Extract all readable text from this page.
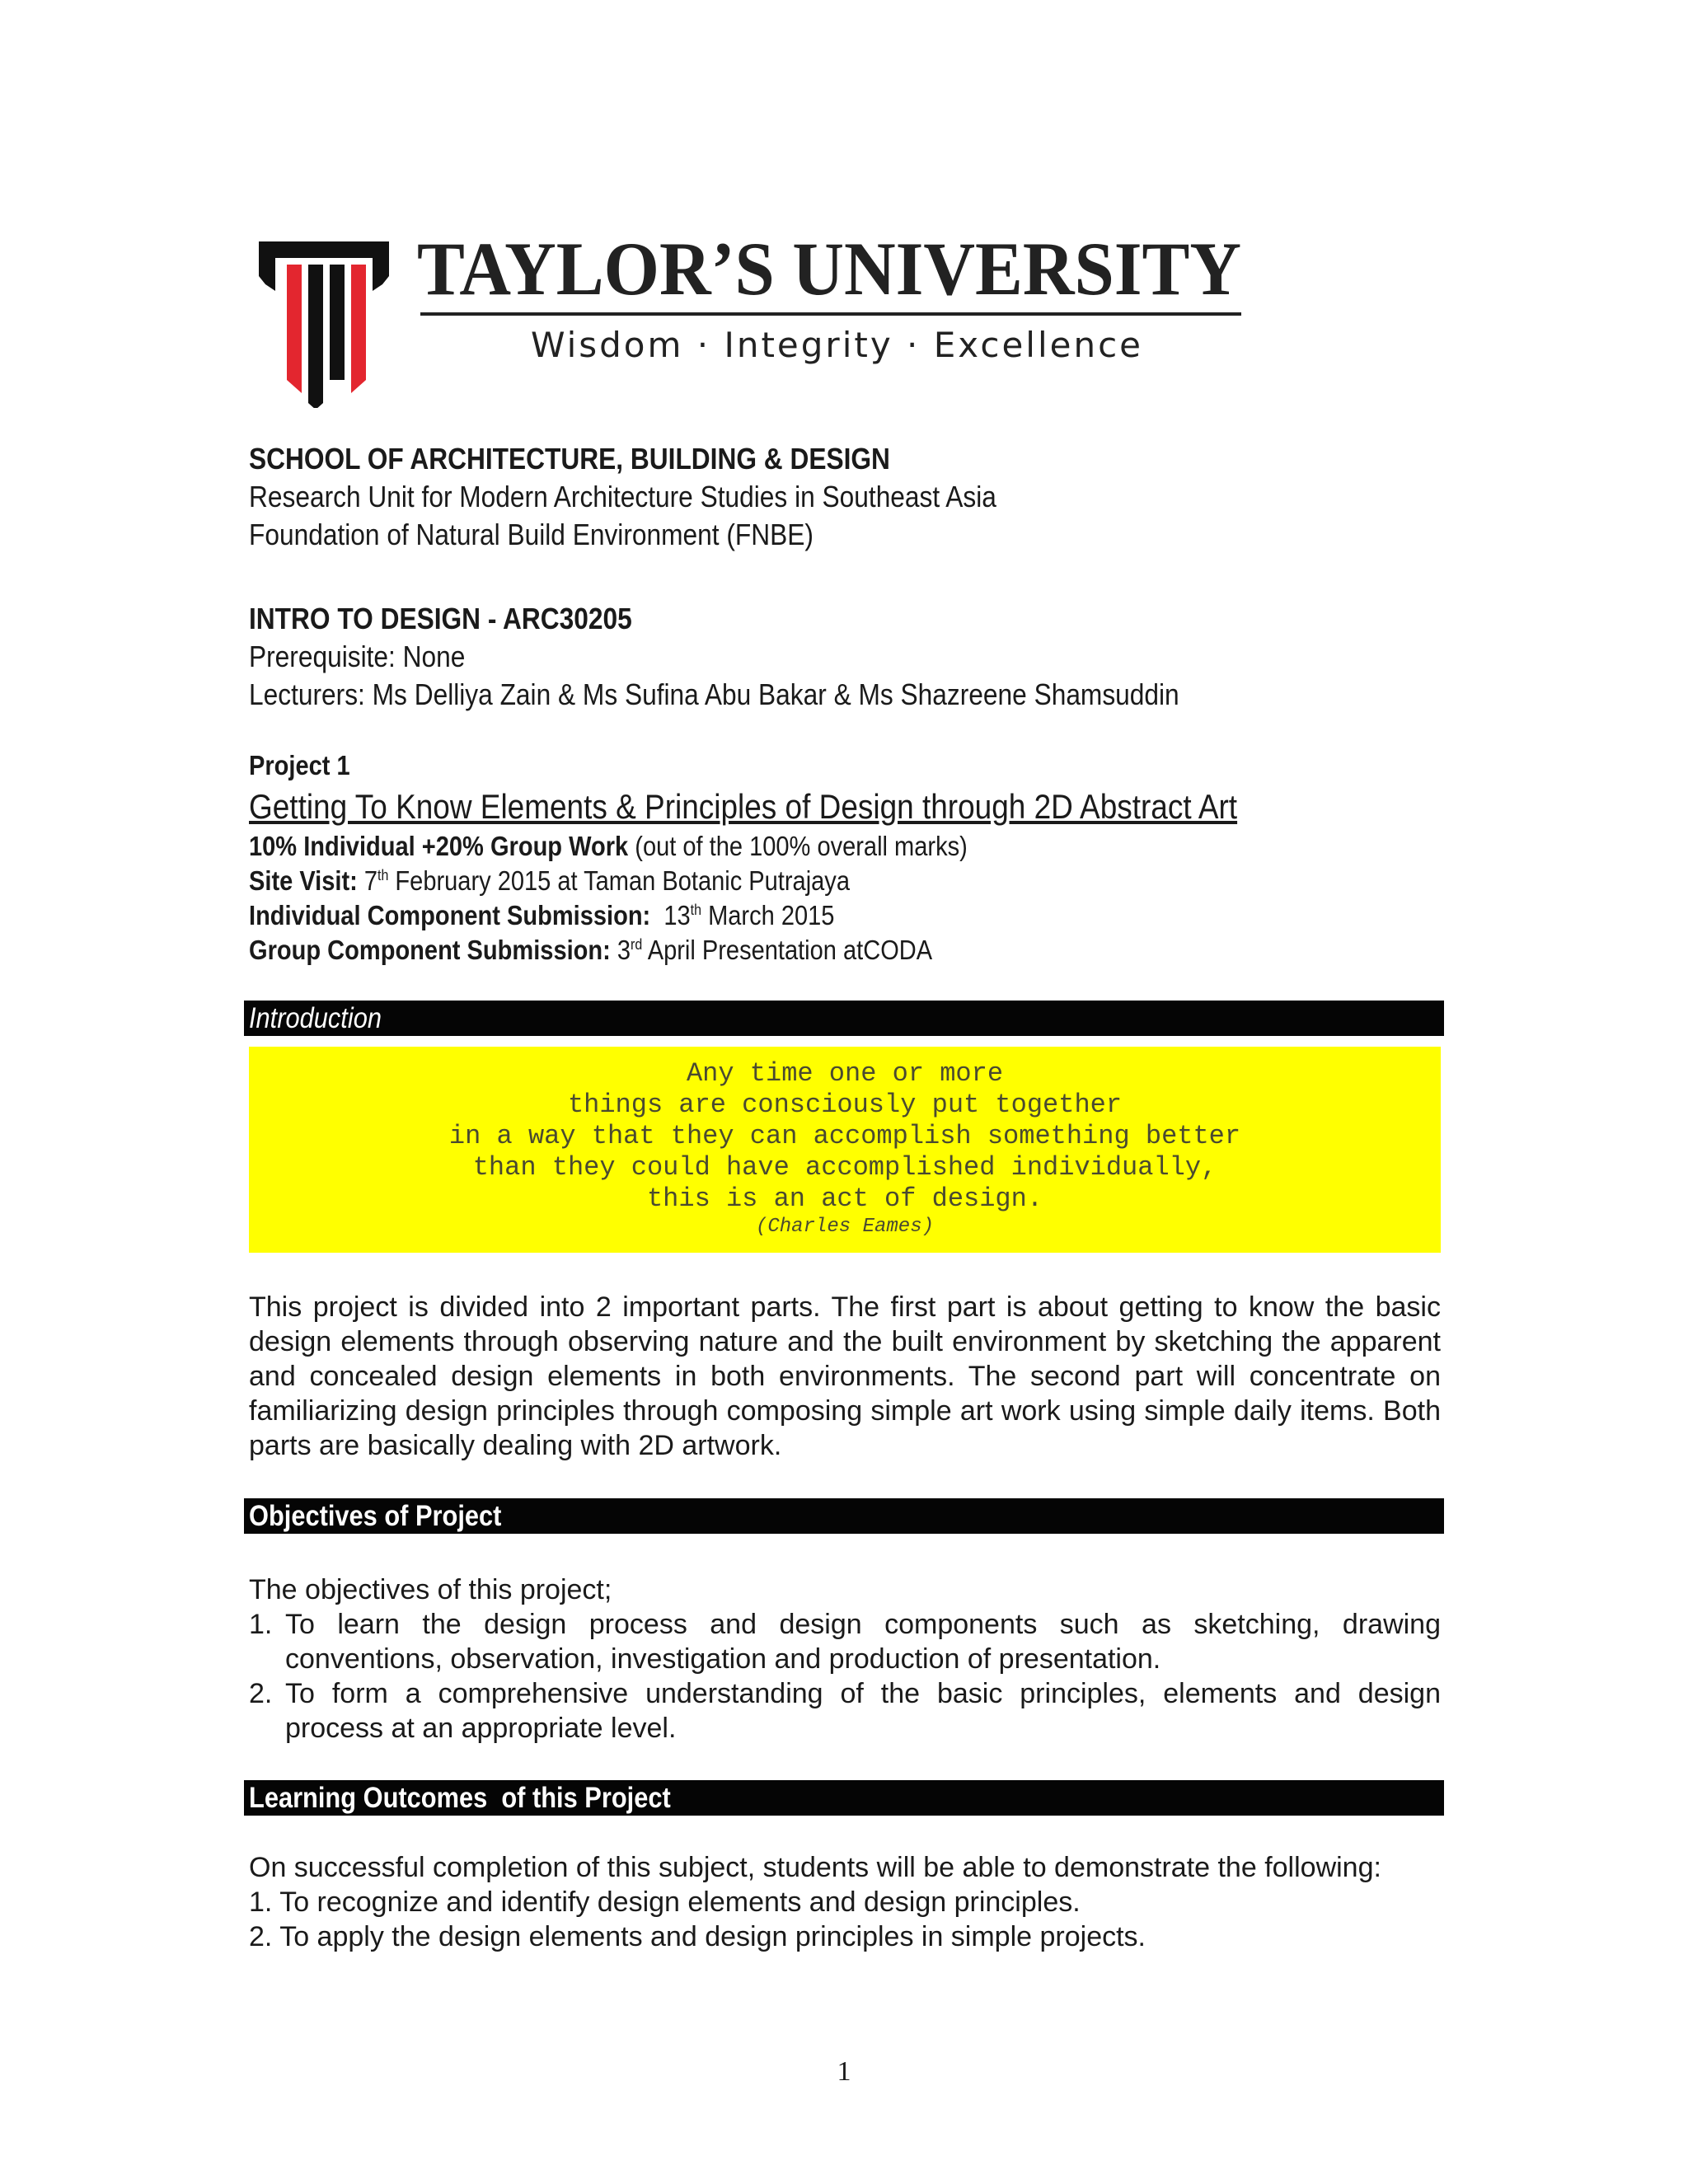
TAYLOR’S UNIVERSITY
Wisdom · Integrity · Excellence
SCHOOL OF ARCHITECTURE, BUILDING & DESIGN
Research Unit for Modern Architecture Studies in Southeast Asia
Foundation of Natural Build Environment (FNBE)
INTRO TO DESIGN - ARC30205
Prerequisite: None
Lecturers: Ms Delliya Zain & Ms Sufina Abu Bakar & Ms Shazreene Shamsuddin
Project 1
Getting To Know Elements & Principles of Design through 2D Abstract Art
10% Individual +20% Group Work (out of the 100% overall marks)
Site Visit: 7th February 2015 at Taman Botanic Putrajaya
Individual Component Submission:  13th March 2015
Group Component Submission: 3rd April Presentation atCODA
Introduction
Any time one or more
things are consciously put together
in a way that they can accomplish something better
than they could have accomplished individually,
this is an act of design.
(Charles Eames)
This project is divided into 2 important parts. The first part is about getting to know the basic design elements through observing nature and the built environment by sketching the apparent and concealed design elements in both environments. The second part will concentrate on familiarizing design principles through composing simple art work using simple daily items. Both parts are basically dealing with 2D artwork.
Objectives of Project
The objectives of this project;
1. To learn the design process and design components such as sketching, drawing conventions, observation, investigation and production of presentation.
2. To form a comprehensive understanding of the basic principles, elements and design process at an appropriate level.
Learning Outcomes  of this Project
On successful completion of this subject, students will be able to demonstrate the following:
1. To recognize and identify design elements and design principles.
2. To apply the design elements and design principles in simple projects.
1
